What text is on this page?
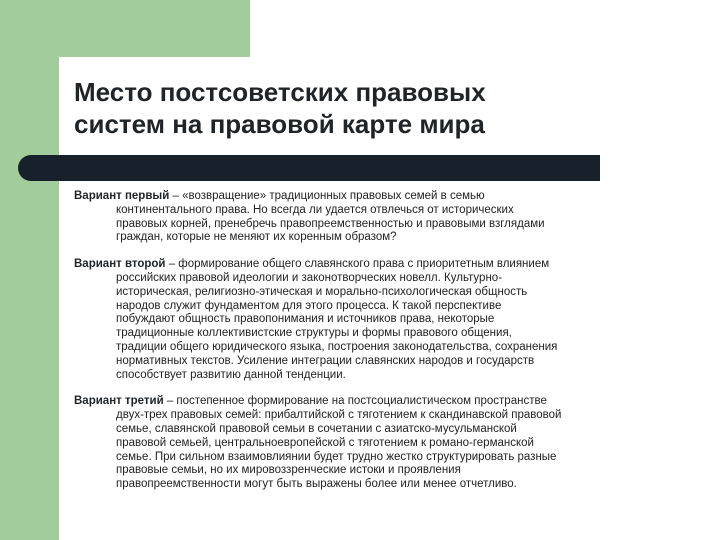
Место постсоветских правовых
систем на правовой карте мира

Вариант первый – «возвращение» традиционных правовых семей в семью
континентального права. Но всегда ли удается отвлечься от исторических
правовых корней, пренебречь правопреемственностью и правовыми взглядами
граждан, которые не меняют их коренным образом?

Вариант второй – формирование общего славянского права с приоритетным влиянием
российских правовой идеологии и законотворческих новелл. Культурно-
историческая, религиозно-этическая и морально-психологическая общность
народов служит фундаментом для этого процесса. К такой перспективе
побуждают общность правопонимания и источников права, некоторые
традиционные коллективистские структуры и формы правового общения,
традиции общего юридического языка, построения законодательства, сохранения
нормативных текстов. Усиление интеграции славянских народов и государств
способствует развитию данной тенденции.

Вариант третий – постепенное формирование на постсоциалистическом пространстве
двух-трех правовых семей: прибалтийской с тяготением к скандинавской правовой
семье, славянской правовой семьи в сочетании с азиатско-мусульманской
правовой семьей, центральноевропейской с тяготением к романо-германской
семье. При сильном взаимовлиянии будет трудно жестко структурировать разные
правовые семьи, но их мировоззренческие истоки и проявления
правопреемственности могут быть выражены более или менее отчетливо.
